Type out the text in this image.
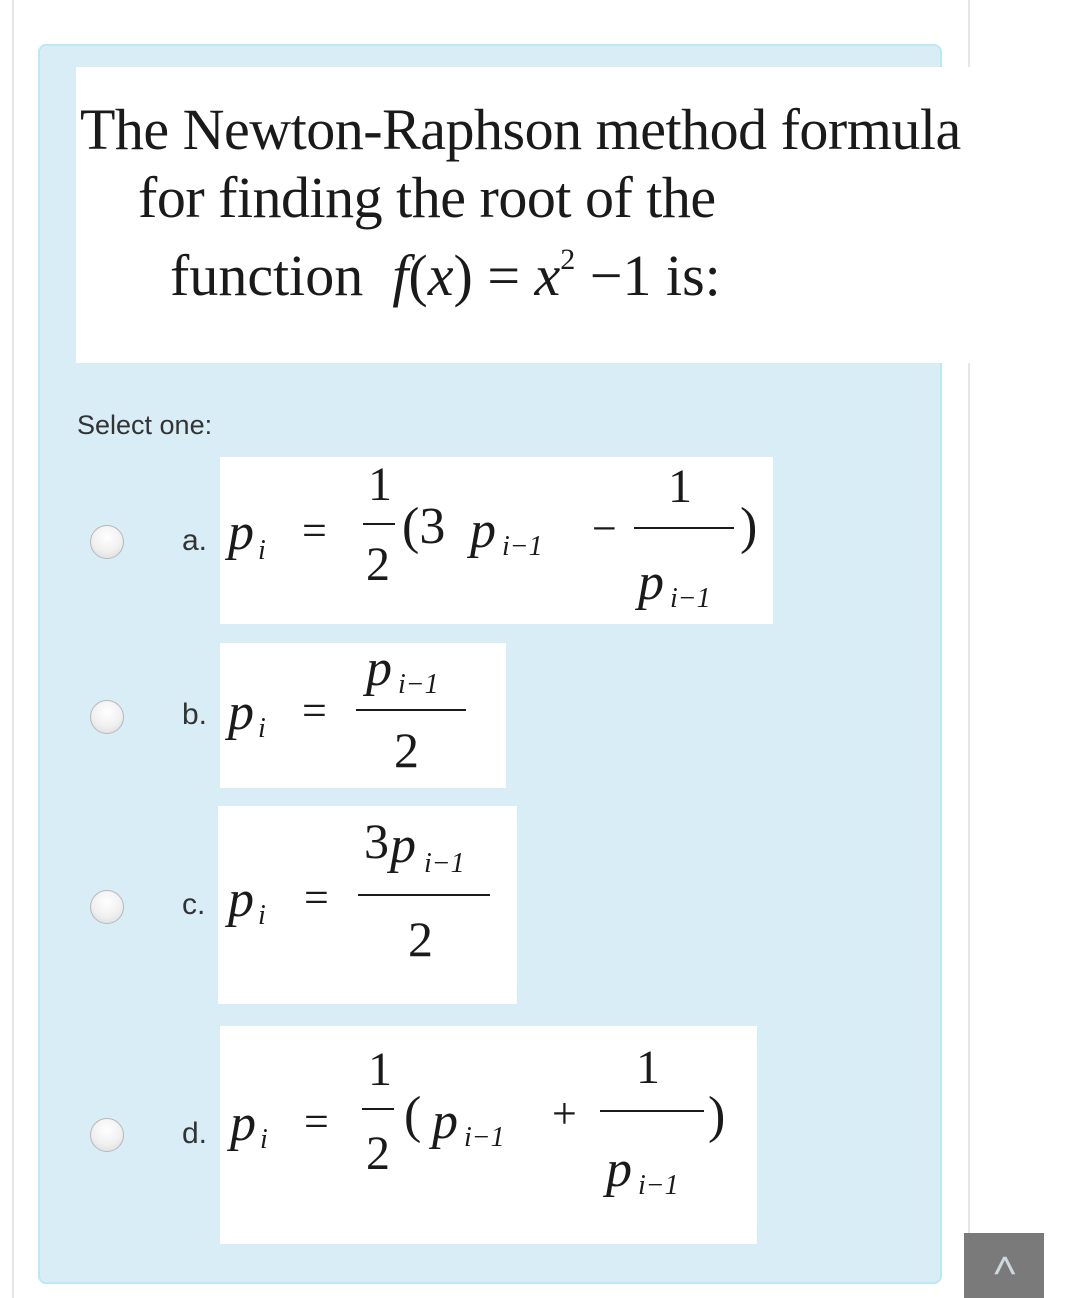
The Newton-Raphson method formula
for finding the root of the
function $f(x) = x^2 -1$ is:
Select one:
a. p i =
1
2
(3 p i−1 −
1
p i−1
)
b. p i =
p i−1
2
c. p i =
3 p i−1
2
d. p i =
1
2
( p i−1 +
1
p i−1
)
<
